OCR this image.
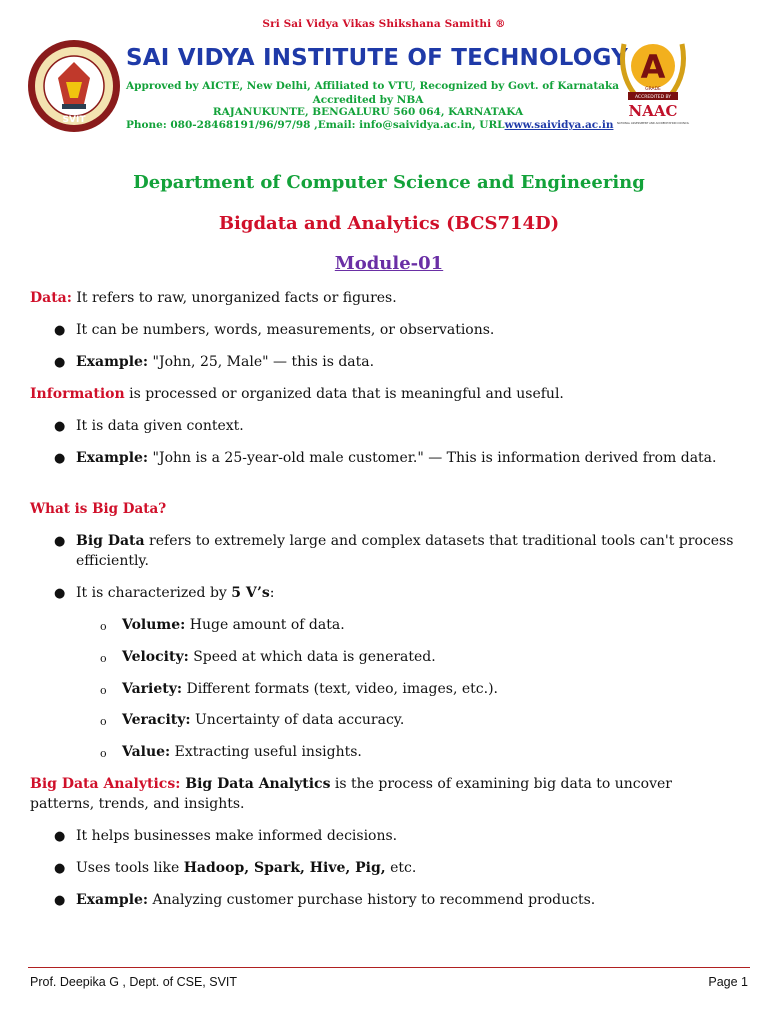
Sri Sai Vidya Vikas Shikshana Samithi ®
SVIT
SAI VIDYA INSTITUTE OF TECHNOLOGY
Approved by AICTE, New Delhi, Affiliated to VTU, Recognized by Govt. of Karnataka
Accredited by NBA
RAJANUKUNTE, BENGALURU 560 064, KARNATAKA
Phone: 080-28468191/96/97/98 ,Email: info@saividya.ac.in, URLwww.saividya.ac.in
A
GRADE
ACCREDITED BY
NAAC
NATIONAL ASSESSMENT AND ACCREDITATION COUNCIL
Department of Computer Science and Engineering
Bigdata and Analytics (BCS714D)
Module-01
Data: It refers to raw, unorganized facts or figures.
● It can be numbers, words, measurements, or observations.
● Example: "John, 25, Male" — this is data.
Information is processed or organized data that is meaningful and useful.
● It is data given context.
● Example: "John is a 25-year-old male customer." — This is information derived from data.
What is Big Data?
● Big Data refers to extremely large and complex datasets that traditional tools can't process efficiently.
● It is characterized by 5 V’s:
o Volume: Huge amount of data.
o Velocity: Speed at which data is generated.
o Variety: Different formats (text, video, images, etc.).
o Veracity: Uncertainty of data accuracy.
o Value: Extracting useful insights.
Big Data Analytics: Big Data Analytics is the process of examining big data to uncover patterns, trends, and insights.
● It helps businesses make informed decisions.
● Uses tools like Hadoop, Spark, Hive, Pig, etc.
● Example: Analyzing customer purchase history to recommend products.
Prof. Deepika G , Dept. of CSE, SVIT	Page 1
